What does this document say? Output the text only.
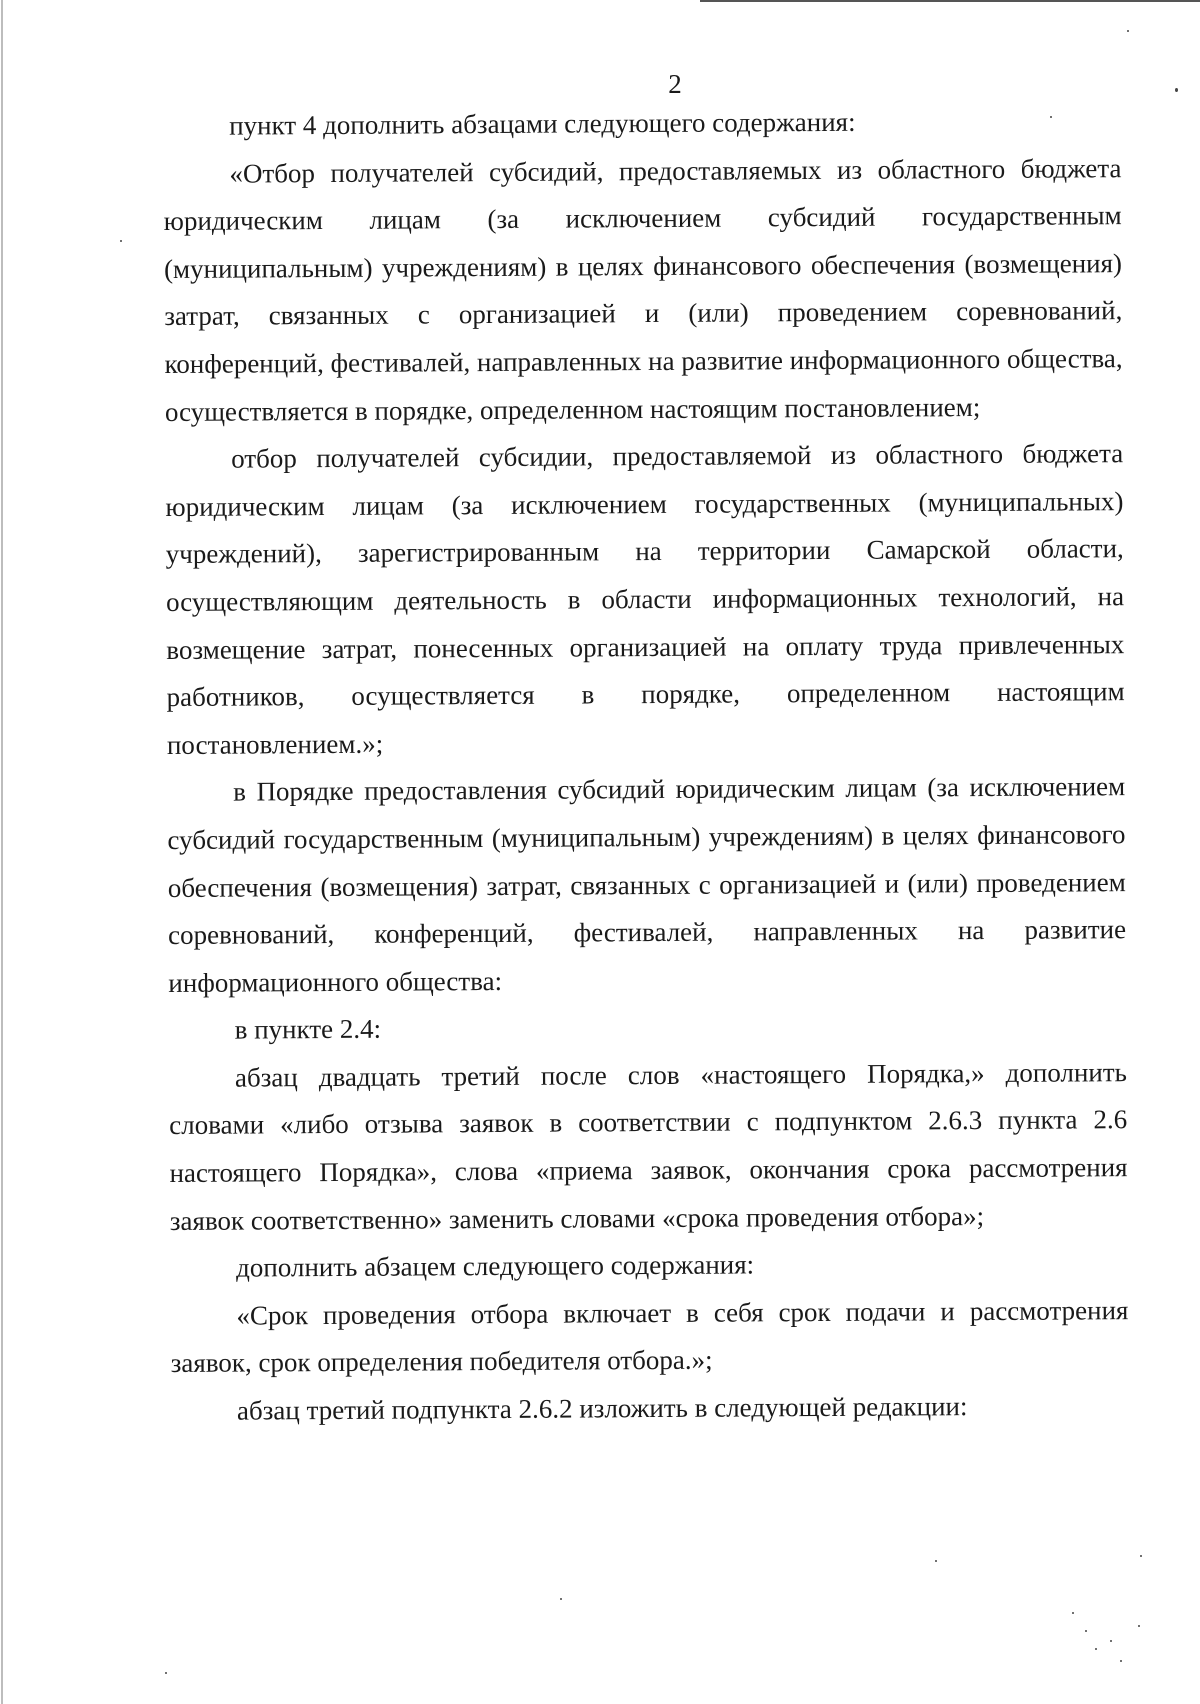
2

пункт 4 дополнить абзацами следующего содержания:

«Отбор получателей субсидий, предоставляемых из областного бюджета юридическим лицам (за исключением субсидий государственным (муниципальным) учреждениям) в целях финансового обеспечения (возмещения) затрат, связанных с организацией и (или) проведением соревнований, конференций, фестивалей, направленных на развитие информационного общества, осуществляется в порядке, определенном настоящим постановлением;

отбор получателей субсидии, предоставляемой из областного бюджета юридическим лицам (за исключением государственных (муниципальных) учреждений), зарегистрированным на территории Самарской области, осуществляющим деятельность в области информационных технологий, на возмещение затрат, понесенных организацией на оплату труда привлеченных работников, осуществляется в порядке, определенном настоящим постановлением.»;

в Порядке предоставления субсидий юридическим лицам (за исключением субсидий государственным (муниципальным) учреждениям) в целях финансового обеспечения (возмещения) затрат, связанных с организацией и (или) проведением соревнований, конференций, фестивалей, направленных на развитие информационного общества:

в пункте 2.4:

абзац двадцать третий после слов «настоящего Порядка,» дополнить словами «либо отзыва заявок в соответствии с подпунктом 2.6.3 пункта 2.6 настоящего Порядка», слова «приема заявок, окончания срока рассмотрения заявок соответственно» заменить словами «срока проведения отбора»;

дополнить абзацем следующего содержания:

«Срок проведения отбора включает в себя срок подачи и рассмотрения заявок, срок определения победителя отбора.»;

абзац третий подпункта 2.6.2 изложить в следующей редакции:
